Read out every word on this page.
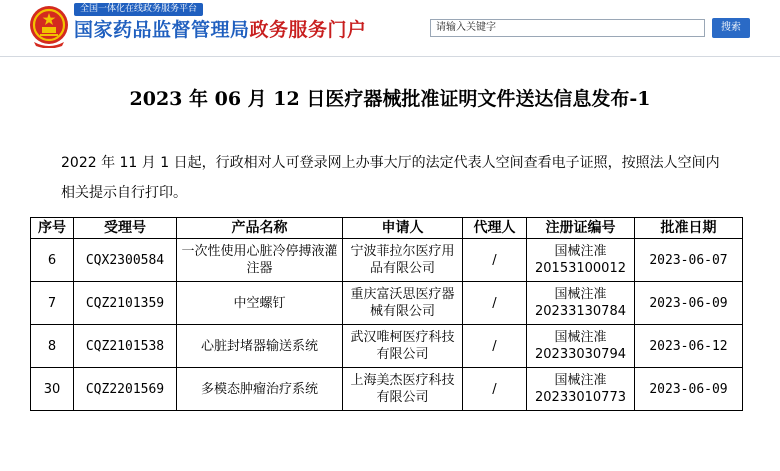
全国一体化在线政务服务平台
国家药品监督管理局政务服务门户	请输入关键字	搜索
2023 年 06 月 12 日医疗器械批准证明文件送达信息发布-1

2022 年 11 月 1 日起，行政相对人可登录网上办事大厅的法定代表人空间查看电子证照，按照法人空间内相关提示自行打印。

序号	受理号	产品名称	申请人	代理人	注册证编号	批准日期
6	CQX2300584	一次性使用心脏冷停搏液灌注器	宁波菲拉尔医疗用品有限公司	/	国械注准20153100012	2023-06-07
7	CQZ2101359	中空螺钉	重庆富沃思医疗器械有限公司	/	国械注准20233130784	2023-06-09
8	CQZ2101538	心脏封堵器输送系统	武汉唯柯医疗科技有限公司	/	国械注准20233030794	2023-06-12
30	CQZ2201569	多模态肿瘤治疗系统	上海美杰医疗科技有限公司	/	国械注准20233010773	2023-06-09
